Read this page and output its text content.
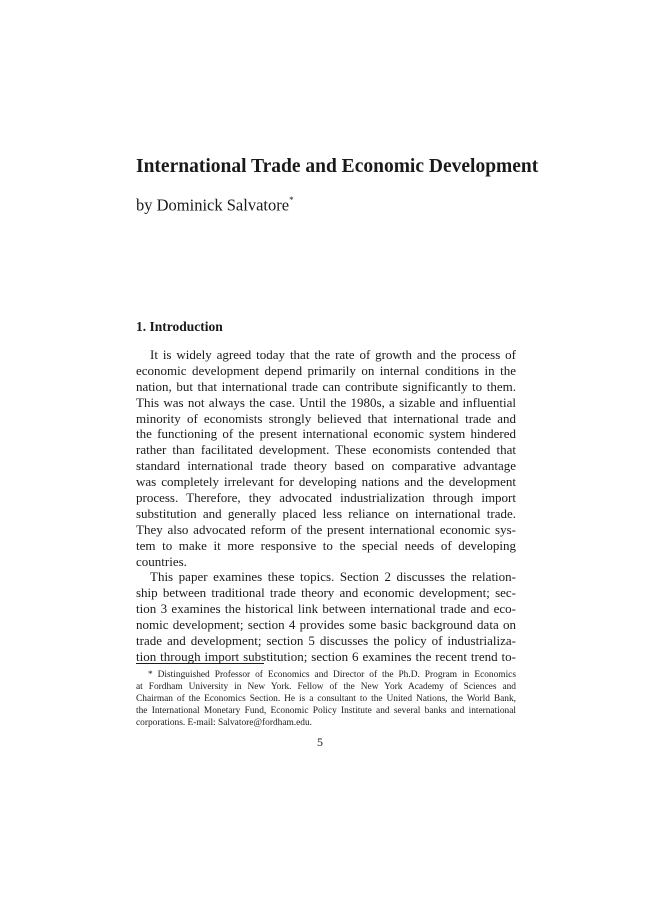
International Trade and Economic Development

by Dominick Salvatore*

1. Introduction
It is widely agreed today that the rate of growth and the process of
economic development depend primarily on internal conditions in the
nation, but that international trade can contribute significantly to them.
This was not always the case. Until the 1980s, a sizable and influential
minority of economists strongly believed that international trade and
the functioning of the present international economic system hindered
rather than facilitated development. These economists contended that
standard international trade theory based on comparative advantage
was completely irrelevant for developing nations and the development
process. Therefore, they advocated industrialization through import
substitution and generally placed less reliance on international trade.
They also advocated reform of the present international economic sys-
tem to make it more responsive to the special needs of developing
countries.
This paper examines these topics. Section 2 discusses the relation-
ship between traditional trade theory and economic development; sec-
tion 3 examines the historical link between international trade and eco-
nomic development; section 4 provides some basic background data on
trade and development; section 5 discusses the policy of industrializa-
tion through import substitution; section 6 examines the recent trend to-
* Distinguished Professor of Economics and Director of the Ph.D. Program in Economics
at Fordham University in New York. Fellow of the New York Academy of Sciences and
Chairman of the Economics Section. He is a consultant to the United Nations, the World Bank,
the International Monetary Fund, Economic Policy Institute and several banks and international
corporations. E-mail: Salvatore@fordham.edu.

5
